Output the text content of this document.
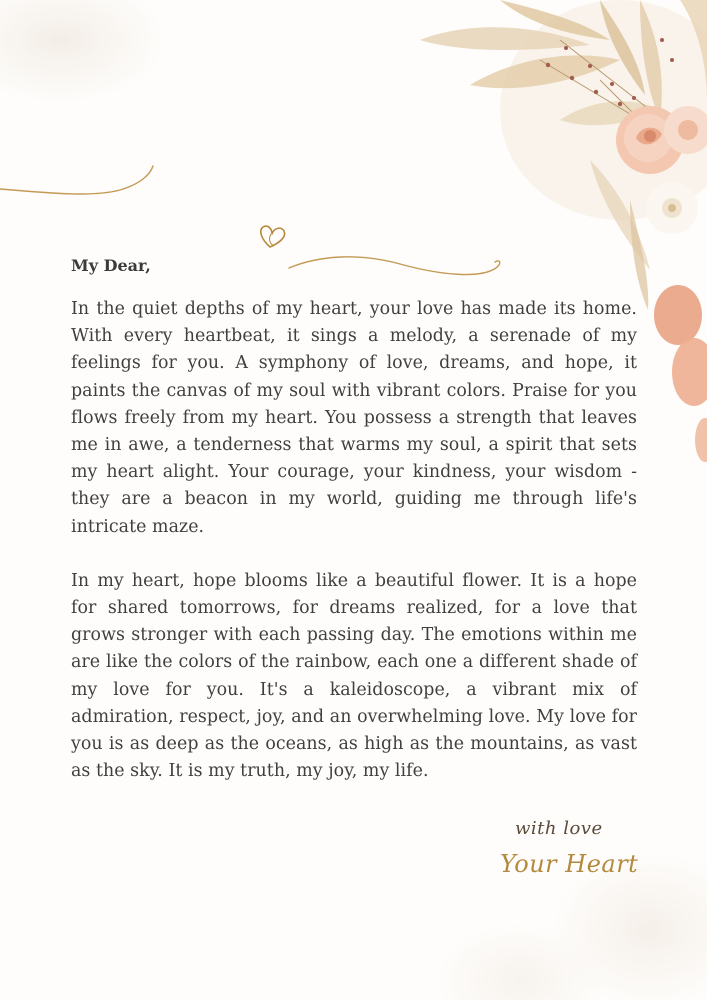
My Dear,

In the quiet depths of my heart, your love has made its home. With every heartbeat, it sings a melody, a serenade of my feelings for you. A symphony of love, dreams, and hope, it paints the canvas of my soul with vibrant colors. Praise for you flows freely from my heart. You possess a strength that leaves me in awe, a tenderness that warms my soul, a spirit that sets my heart alight. Your courage, your kindness, your wisdom - they are a beacon in my world, guiding me through life's intricate maze.

In my heart, hope blooms like a beautiful flower. It is a hope for shared tomorrows, for dreams realized, for a love that grows stronger with each passing day. The emotions within me are like the colors of the rainbow, each one a different shade of my love for you. It's a kaleidoscope, a vibrant mix of admiration, respect, joy, and an overwhelming love. My love for you is as deep as the oceans, as high as the mountains, as vast as the sky. It is my truth, my joy, my life.

with love
Your Heart
